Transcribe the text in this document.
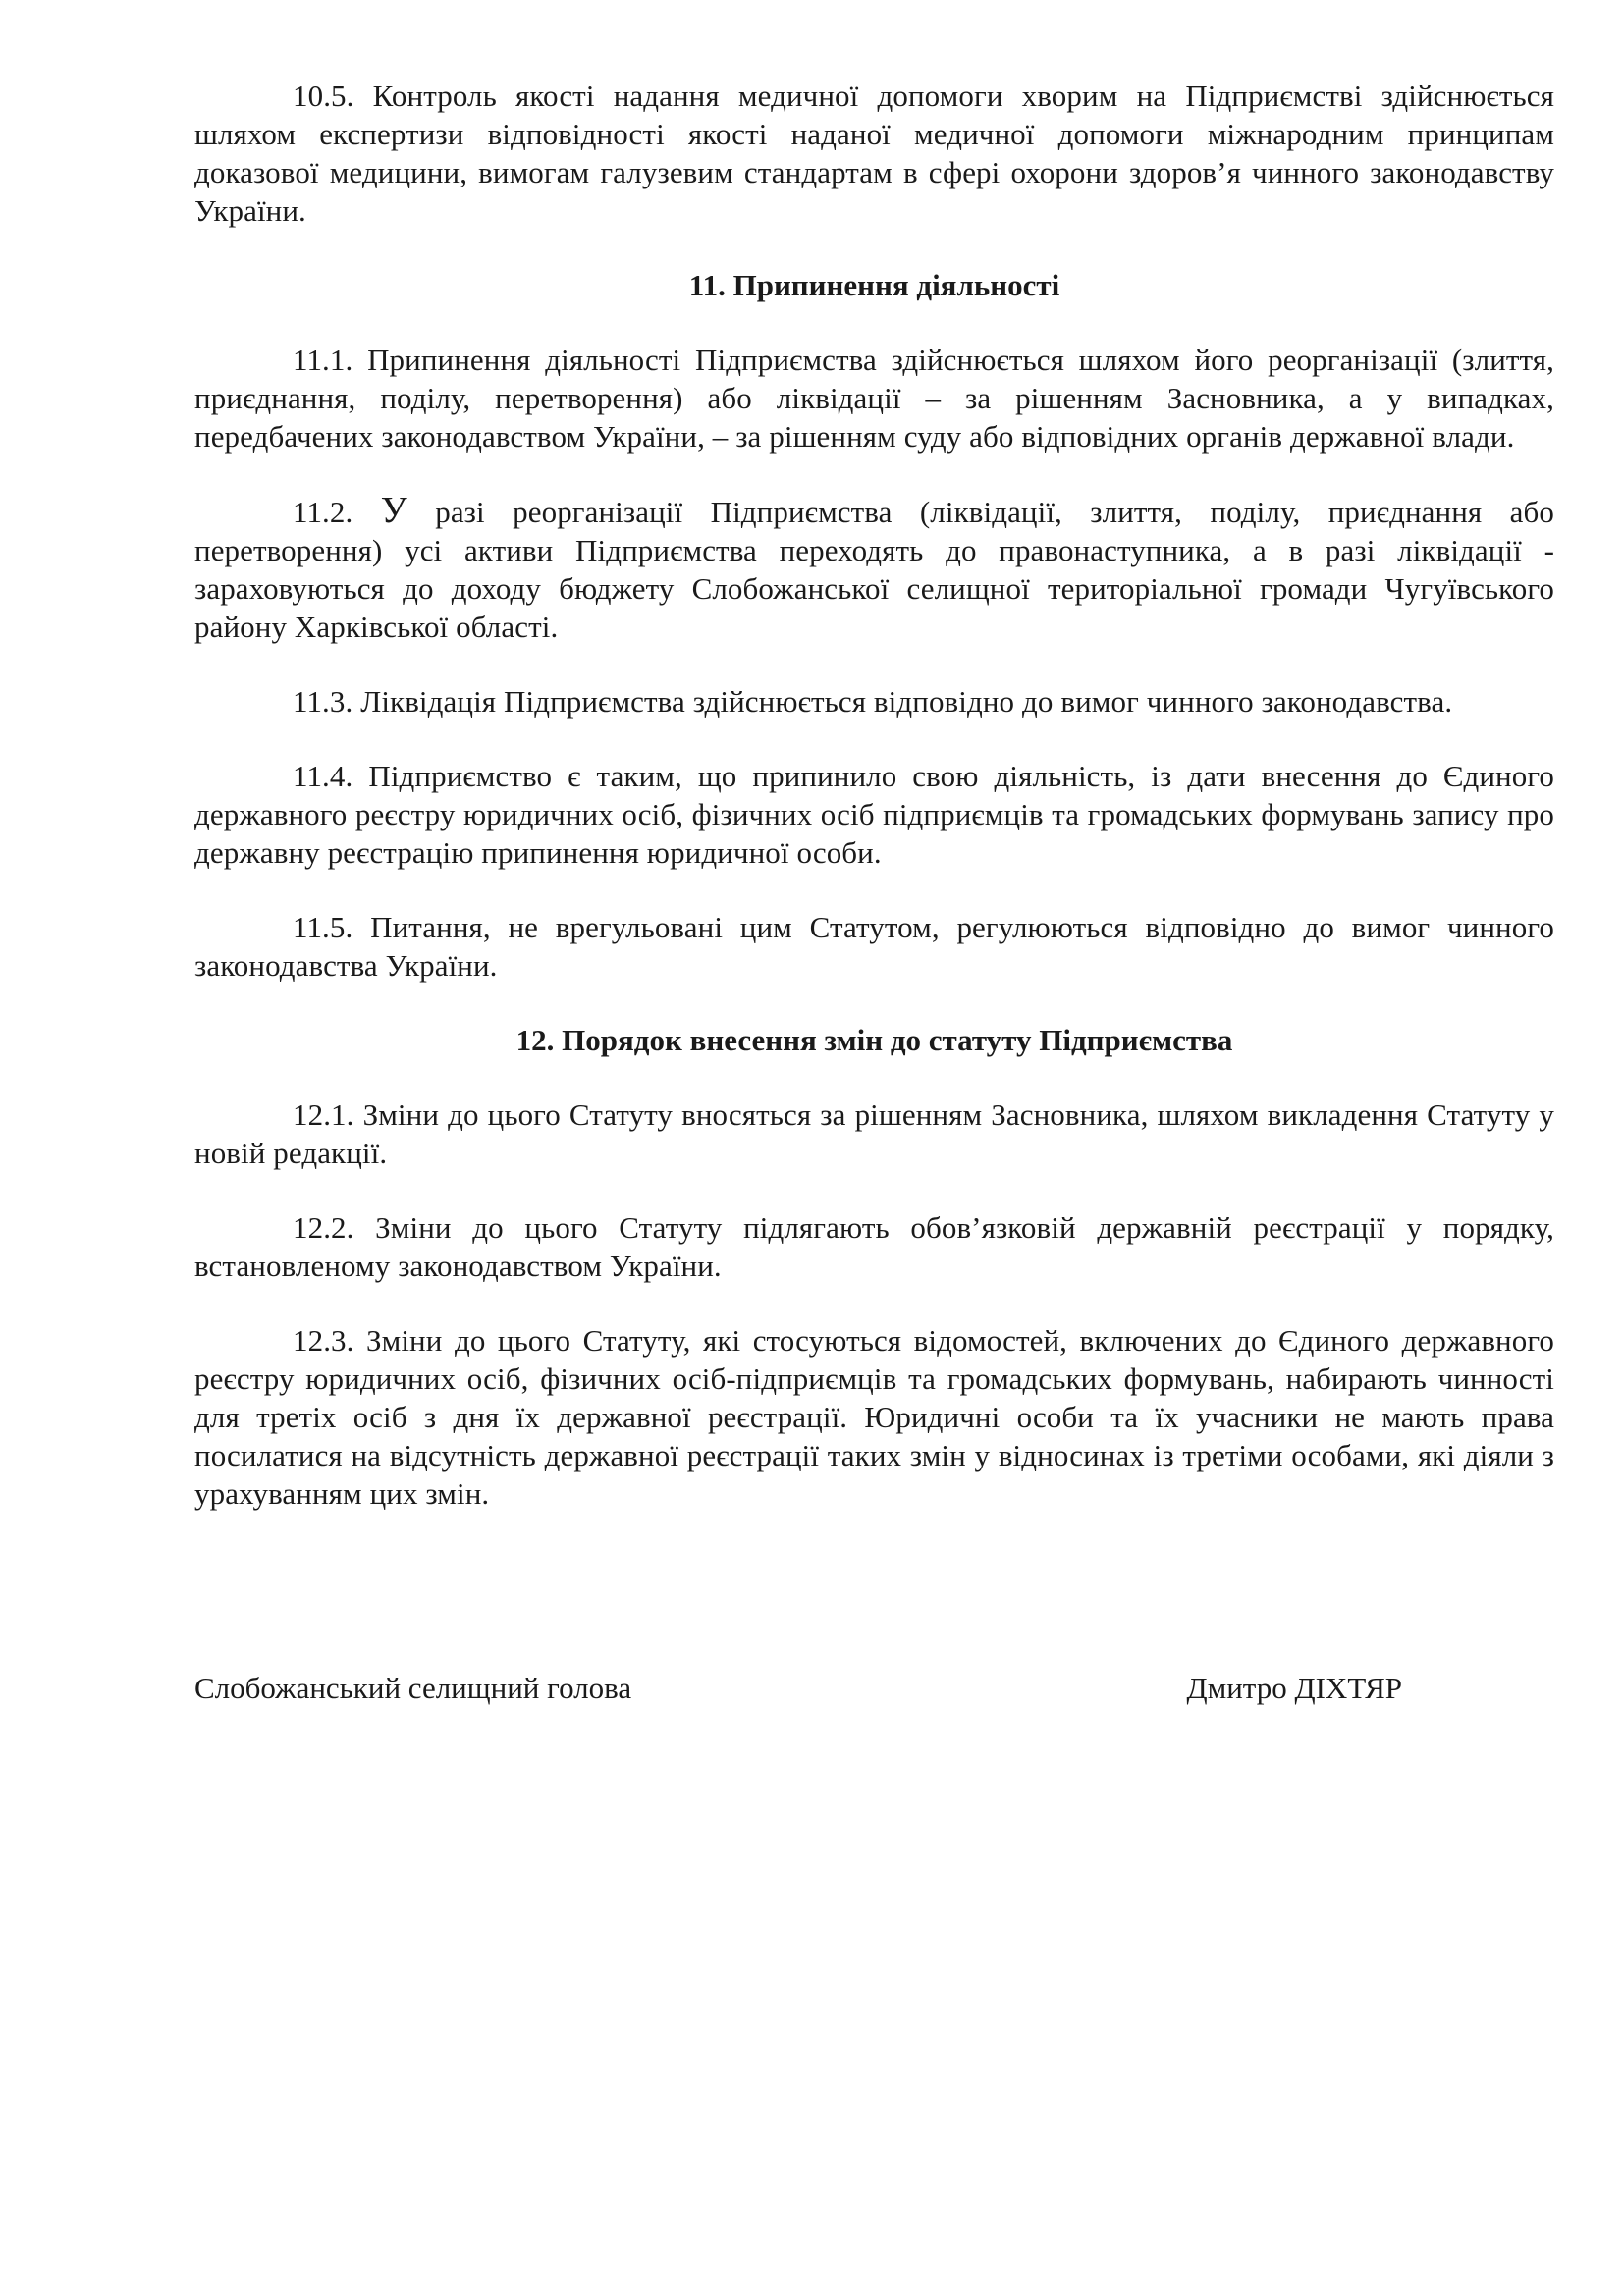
10.5. Контроль якості надання медичної допомоги хворим на Підприємстві здійснюється шляхом експертизи відповідності якості наданої медичної допомоги міжнародним принципам доказової медицини, вимогам галузевим стандартам в сфері охорони здоров’я чинного законодавству України.

11. Припинення діяльності

11.1. Припинення діяльності Підприємства здійснюється шляхом його реорганізації (злиття, приєднання, поділу, перетворення) або ліквідації – за рішенням Засновника, а у випадках, передбачених законодавством України, – за рішенням суду або відповідних органів державної влади.

11.2. У разі реорганізації Підприємства (ліквідації, злиття, поділу, приєднання або перетворення) усі активи Підприємства переходять до правонаступника, а в разі ліквідації - зараховуються до доходу бюджету Слобожанської селищної територіальної громади Чугуївського району Харківської області.

11.3. Ліквідація Підприємства здійснюється відповідно до вимог чинного законодавства.

11.4. Підприємство є таким, що припинило свою діяльність, із дати внесення до Єдиного державного реєстру юридичних осіб, фізичних осіб підприємців та громадських формувань запису про державну реєстрацію припинення юридичної особи.

11.5. Питання, не врегульовані цим Статутом, регулюються відповідно до вимог чинного законодавства України.

12. Порядок внесення змін до статуту Підприємства

12.1. Зміни до цього Статуту вносяться за рішенням Засновника, шляхом викладення Статуту у новій редакції.

12.2. Зміни до цього Статуту підлягають обов’язковій державній реєстрації у порядку, встановленому законодавством України.

12.3. Зміни до цього Статуту, які стосуються відомостей, включених до Єдиного державного реєстру юридичних осіб, фізичних осіб-підприємців та громадських формувань, набирають чинності для третіх осіб з дня їх державної реєстрації. Юридичні особи та їх учасники не мають права посилатися на відсутність державної реєстрації таких змін у відносинах із третіми особами, які діяли з урахуванням цих змін.

Слобожанський селищний голова	Дмитро ДІХТЯР
